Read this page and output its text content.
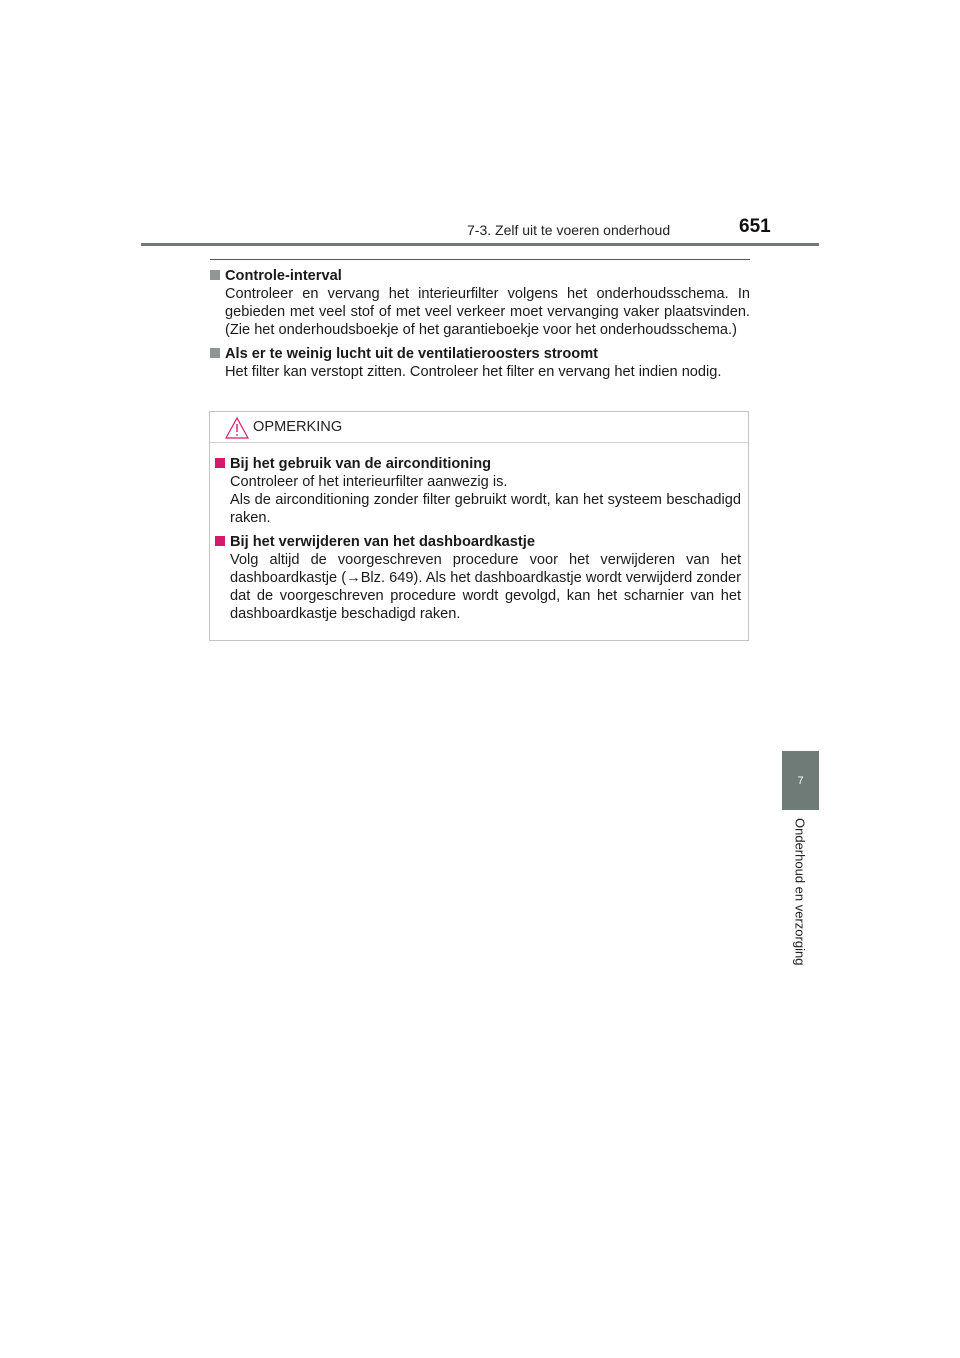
7-3. Zelf uit te voeren onderhoud	651
Controle-interval
Controleer en vervang het interieurfilter volgens het onderhoudsschema. In gebieden met veel stof of met veel verkeer moet vervanging vaker plaatsvinden. (Zie het onderhoudsboekje of het garantieboekje voor het onderhoudsschema.)
Als er te weinig lucht uit de ventilatieroosters stroomt
Het filter kan verstopt zitten. Controleer het filter en vervang het indien nodig.
OPMERKING
Bij het gebruik van de airconditioning
Controleer of het interieurfilter aanwezig is.
Als de airconditioning zonder filter gebruikt wordt, kan het systeem beschadigd raken.
Bij het verwijderen van het dashboardkastje
Volg altijd de voorgeschreven procedure voor het verwijderen van het dashboardkastje (→Blz. 649). Als het dashboardkastje wordt verwijderd zonder dat de voorgeschreven procedure wordt gevolgd, kan het scharnier van het dashboardkastje beschadigd raken.
7
Onderhoud en verzorging
